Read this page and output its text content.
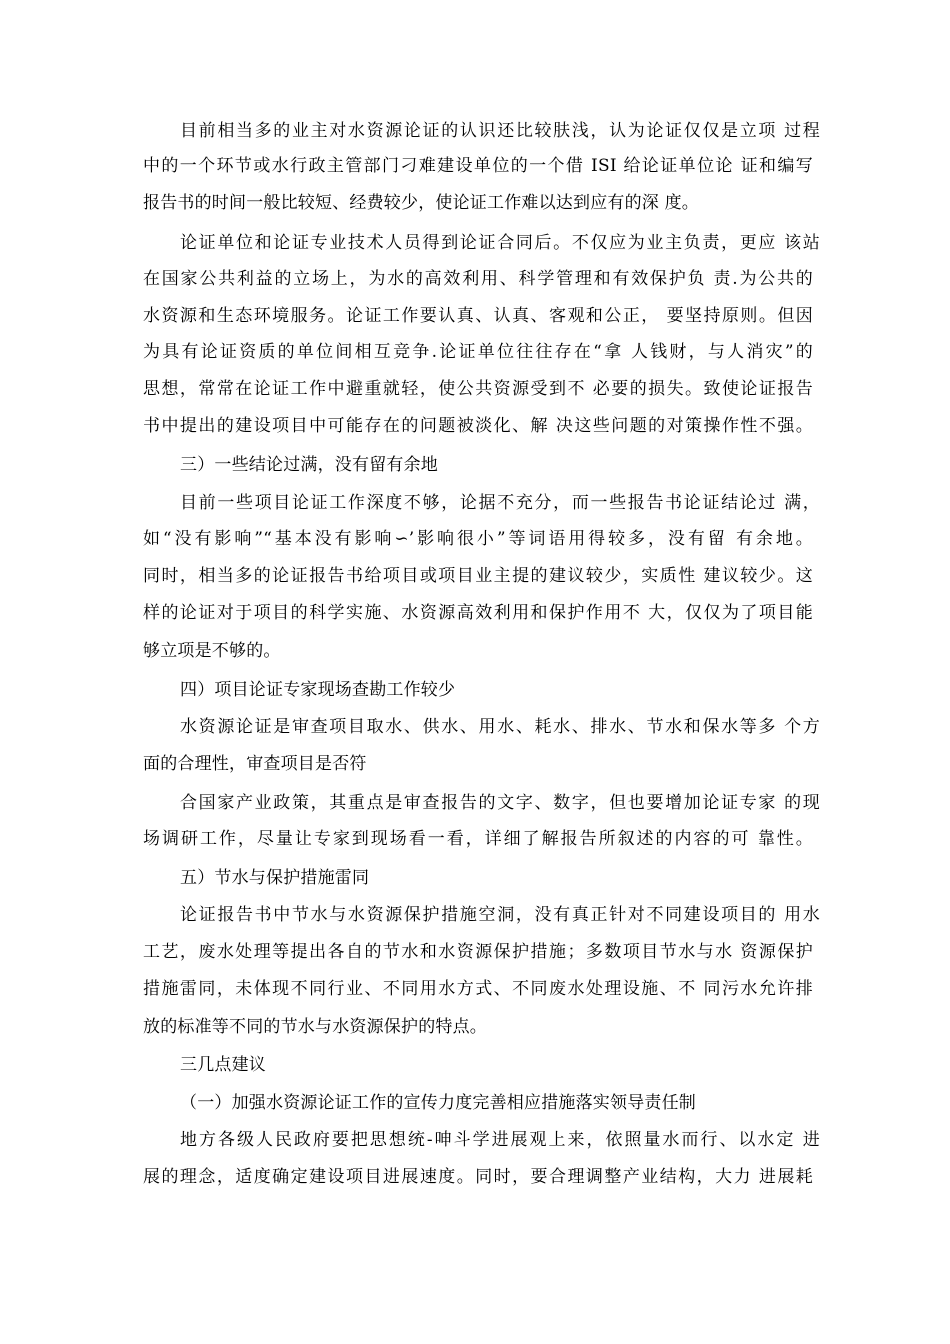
目前相当多的业主对水资源论证的认识还比较肤浅，认为论证仅仅是立项 过程
中的一个环节或水行政主管部门刁难建设单位的一个借 ISI 给论证单位论 证和编写
报告书的时间一般比较短、经费较少，使论证工作难以达到应有的深 度。
论证单位和论证专业技术人员得到论证合同后。不仅应为业主负责，更应 该站
在国家公共利益的立场上，为水的高效利用、科学管理和有效保护负 责.为公共的
水资源和生态环境服务。论证工作要认真、认真、客观和公正， 要坚持原则。但因
为具有论证资质的单位间相互竞争.论证单位往往存在“拿 人钱财，与人消灾”的
思想，常常在论证工作中避重就轻，使公共资源受到不 必要的损失。致使论证报告
书中提出的建设项目中可能存在的问题被淡化、解 决这些问题的对策操作性不强。
三）一些结论过满，没有留有余地
目前一些项目论证工作深度不够，论据不充分，而一些报告书论证结论过 满，
如“没有影响”“基本没有影响∽’影响很小”等词语用得较多，没有留 有余地。
同时，相当多的论证报告书给项目或项目业主提的建议较少，实质性 建议较少。这
样的论证对于项目的科学实施、水资源高效利用和保护作用不 大，仅仅为了项目能
够立项是不够的。
四）项目论证专家现场查勘工作较少
水资源论证是审查项目取水、供水、用水、耗水、排水、节水和保水等多 个方
面的合理性，审查项目是否符
合国家产业政策，其重点是审查报告的文字、数字，但也要增加论证专家 的现
场调研工作，尽量让专家到现场看一看，详细了解报告所叙述的内容的可 靠性。
五）节水与保护措施雷同
论证报告书中节水与水资源保护措施空洞，没有真正针对不同建设项目的 用水
工艺，废水处理等提出各自的节水和水资源保护措施；多数项目节水与水 资源保护
措施雷同，未体现不同行业、不同用水方式、不同废水处理设施、不 同污水允许排
放的标准等不同的节水与水资源保护的特点。
三几点建议
（一）加强水资源论证工作的宣传力度完善相应措施落实领导责任制
地方各级人民政府要把思想统-呻斗学进展观上来，依照量水而行、以水定 进
展的理念，适度确定建设项目进展速度。同时，要合理调整产业结构，大力 进展耗
